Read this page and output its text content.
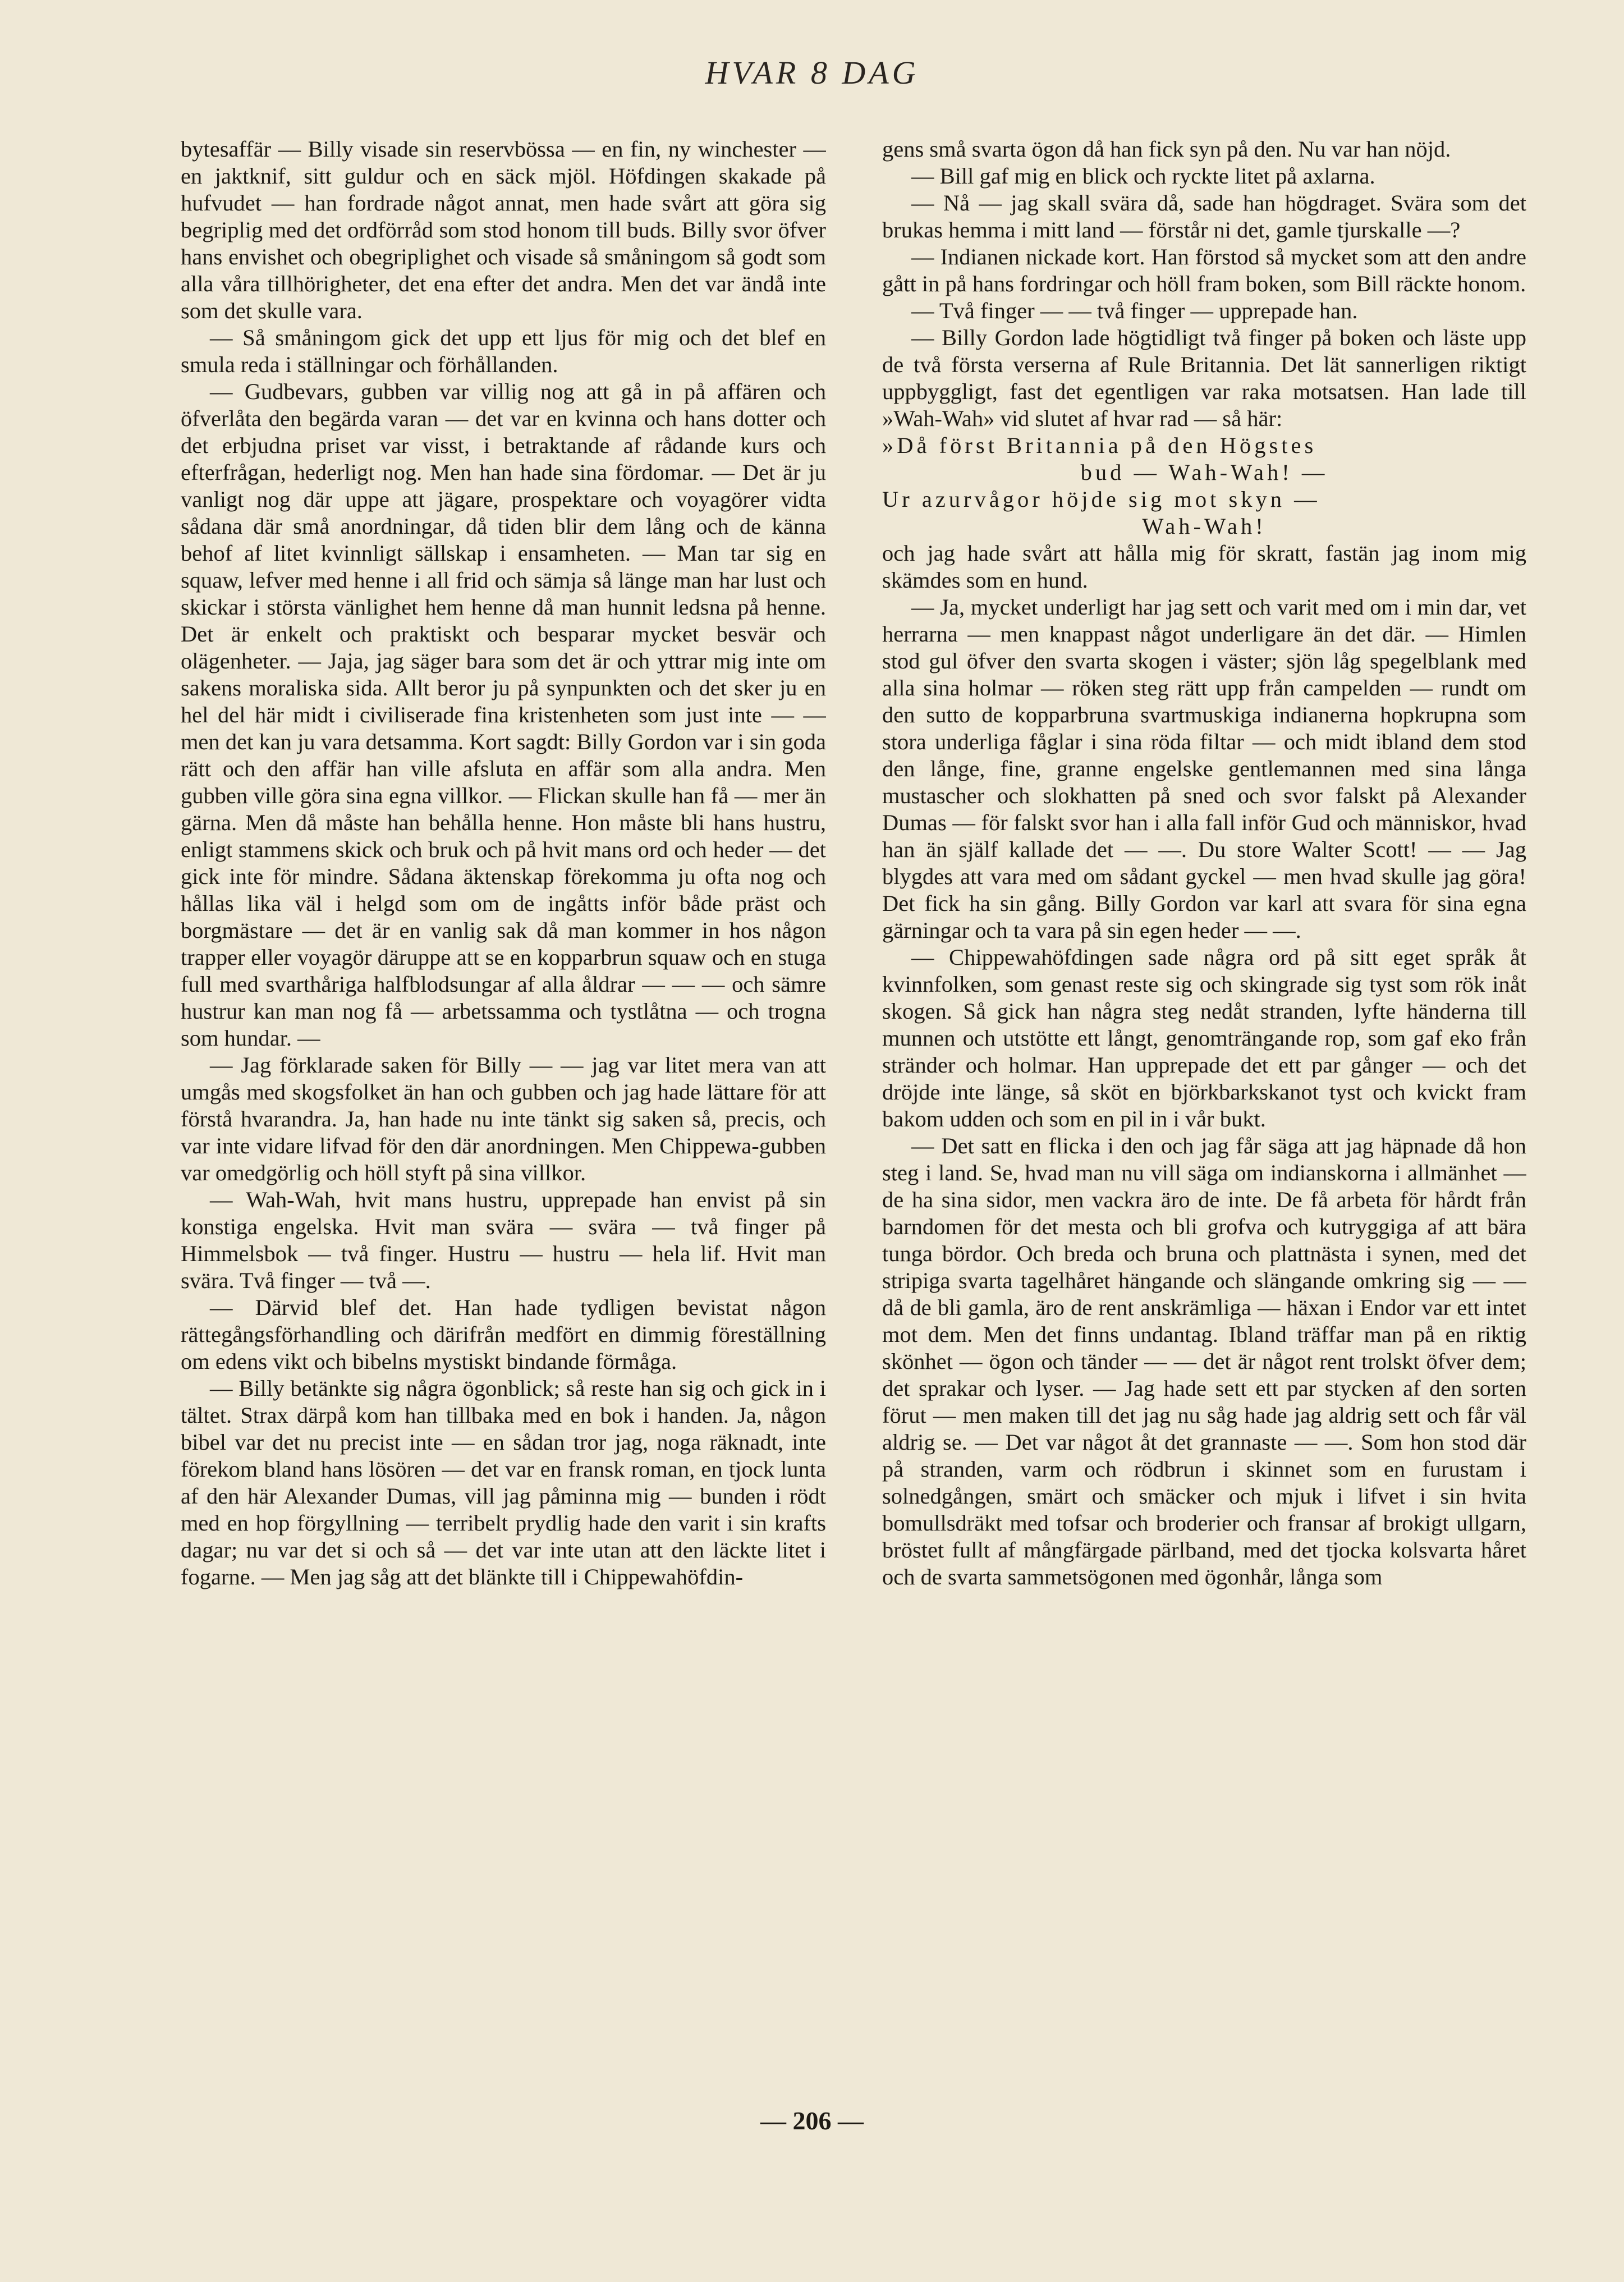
HVAR 8 DAG

bytesaffär — Billy visade sin reservbössa — en fin, ny winchester — en jaktknif, sitt guldur och en säck mjöl. Höfdingen skakade på hufvudet — han fordrade något annat, men hade svårt att göra sig begriplig med det ordförråd som stod honom till buds. Billy svor öfver hans envishet och obegriplighet och visade så småningom så godt som alla våra tillhörigheter, det ena efter det andra. Men det var ändå inte som det skulle vara.

— Så småningom gick det upp ett ljus för mig och det blef en smula reda i ställningar och förhållanden.

— Gudbevars, gubben var villig nog att gå in på affären och öfverlåta den begärda varan — det var en kvinna och hans dotter och det erbjudna priset var visst, i betraktande af rådande kurs och efterfrågan, hederligt nog. Men han hade sina fördomar. — Det är ju vanligt nog där uppe att jägare, prospektare och voyagörer vidta sådana där små anordningar, då tiden blir dem lång och de känna behof af litet kvinnligt sällskap i ensamheten. — Man tar sig en squaw, lefver med henne i all frid och sämja så länge man har lust och skickar i största vänlighet hem henne då man hunnit ledsna på henne. Det är enkelt och praktiskt och besparar mycket besvär och olägenheter. — Jaja, jag säger bara som det är och yttrar mig inte om sakens moraliska sida. Allt beror ju på synpunkten och det sker ju en hel del här midt i civiliserade fina kristenheten som just inte — — men det kan ju vara detsamma. Kort sagdt: Billy Gordon var i sin goda rätt och den affär han ville afsluta en affär som alla andra. Men gubben ville göra sina egna villkor. — Flickan skulle han få — mer än gärna. Men då måste han behålla henne. Hon måste bli hans hustru, enligt stammens skick och bruk och på hvit mans ord och heder — det gick inte för mindre. Sådana äktenskap förekomma ju ofta nog och hållas lika väl i helgd som om de ingåtts inför både präst och borgmästare — det är en vanlig sak då man kommer in hos någon trapper eller voyagör däruppe att se en kopparbrun squaw och en stuga full med svarthåriga halfblodsungar af alla åldrar — — — och sämre hustrur kan man nog få — arbetssamma och tystlåtna — och trogna som hundar. —

— Jag förklarade saken för Billy — — jag var litet mera van att umgås med skogsfolket än han och gubben och jag hade lättare för att förstå hvarandra. Ja, han hade nu inte tänkt sig saken så, precis, och var inte vidare lifvad för den där anordningen. Men Chippewa-gubben var omedgörlig och höll styft på sina villkor.

— Wah-Wah, hvit mans hustru, upprepade han envist på sin konstiga engelska. Hvit man svära — svära — två finger på Himmelsbok — två finger. Hustru — hustru — hela lif. Hvit man svära. Två finger — två —.

— Därvid blef det. Han hade tydligen bevistat någon rättegångsförhandling och därifrån medfört en dimmig föreställning om edens vikt och bibelns mystiskt bindande förmåga.

— Billy betänkte sig några ögonblick; så reste han sig och gick in i tältet. Strax därpå kom han tillbaka med en bok i handen. Ja, någon bibel var det nu precist inte — en sådan tror jag, noga räknadt, inte förekom bland hans lösören — det var en fransk roman, en tjock lunta af den här Alexander Dumas, vill jag påminna mig — bunden i rödt med en hop förgyllning — terribelt prydlig hade den varit i sin krafts dagar; nu var det si och så — det var inte utan att den läckte litet i fogarne. — Men jag såg att det blänkte till i Chippewahöfdin-

gens små svarta ögon då han fick syn på den. Nu var han nöjd.

— Bill gaf mig en blick och ryckte litet på axlarna.

— Nå — jag skall svära då, sade han högdraget. Svära som det brukas hemma i mitt land — förstår ni det, gamle tjurskalle —?

— Indianen nickade kort. Han förstod så mycket som att den andre gått in på hans fordringar och höll fram boken, som Bill räckte honom.

— Två finger — — två finger — upprepade han.

— Billy Gordon lade högtidligt två finger på boken och läste upp de två första verserna af Rule Britannia. Det lät sannerligen riktigt uppbyggligt, fast det egentligen var raka motsatsen. Han lade till »Wah-Wah» vid slutet af hvar rad — så här:

»Då först Britannia på den Högstes

bud — Wah-Wah! —

Ur azurvågor höjde sig mot skyn —

Wah-Wah!

och jag hade svårt att hålla mig för skratt, fastän jag inom mig skämdes som en hund.

— Ja, mycket underligt har jag sett och varit med om i min dar, vet herrarna — men knappast något underligare än det där. — Himlen stod gul öfver den svarta skogen i väster; sjön låg spegelblank med alla sina holmar — röken steg rätt upp från campelden — rundt om den sutto de kopparbruna svartmuskiga indianerna hopkrupna som stora underliga fåglar i sina röda filtar — och midt ibland dem stod den långe, fine, granne engelske gentlemannen med sina långa mustascher och slokhatten på sned och svor falskt på Alexander Dumas — för falskt svor han i alla fall inför Gud och människor, hvad han än själf kallade det — —. Du store Walter Scott! — — Jag blygdes att vara med om sådant gyckel — men hvad skulle jag göra! Det fick ha sin gång. Billy Gordon var karl att svara för sina egna gärningar och ta vara på sin egen heder — —.

— Chippewahöfdingen sade några ord på sitt eget språk åt kvinnfolken, som genast reste sig och skingrade sig tyst som rök inåt skogen. Så gick han några steg nedåt stranden, lyfte händerna till munnen och utstötte ett långt, genomträngande rop, som gaf eko från stränder och holmar. Han upprepade det ett par gånger — och det dröjde inte länge, så sköt en björkbarkskanot tyst och kvickt fram bakom udden och som en pil in i vår bukt.

— Det satt en flicka i den och jag får säga att jag häpnade då hon steg i land. Se, hvad man nu vill säga om indianskorna i allmänhet — de ha sina sidor, men vackra äro de inte. De få arbeta för hårdt från barndomen för det mesta och bli grofva och kutryggiga af att bära tunga bördor. Och breda och bruna och plattnästa i synen, med det stripiga svarta tagelhåret hängande och slängande omkring sig — — då de bli gamla, äro de rent anskrämliga — häxan i Endor var ett intet mot dem. Men det finns undantag. Ibland träffar man på en riktig skönhet — ögon och tänder — — det är något rent trolskt öfver dem; det sprakar och lyser. — Jag hade sett ett par stycken af den sorten förut — men maken till det jag nu såg hade jag aldrig sett och får väl aldrig se. — Det var något åt det grannaste — —. Som hon stod där på stranden, varm och rödbrun i skinnet som en furustam i solnedgången, smärt och smäcker och mjuk i lifvet i sin hvita bomullsdräkt med tofsar och broderier och fransar af brokigt ullgarn, bröstet fullt af mångfärgade pärlband, med det tjocka kolsvarta håret och de svarta sammetsögonen med ögonhår, långa som

— 206 —
